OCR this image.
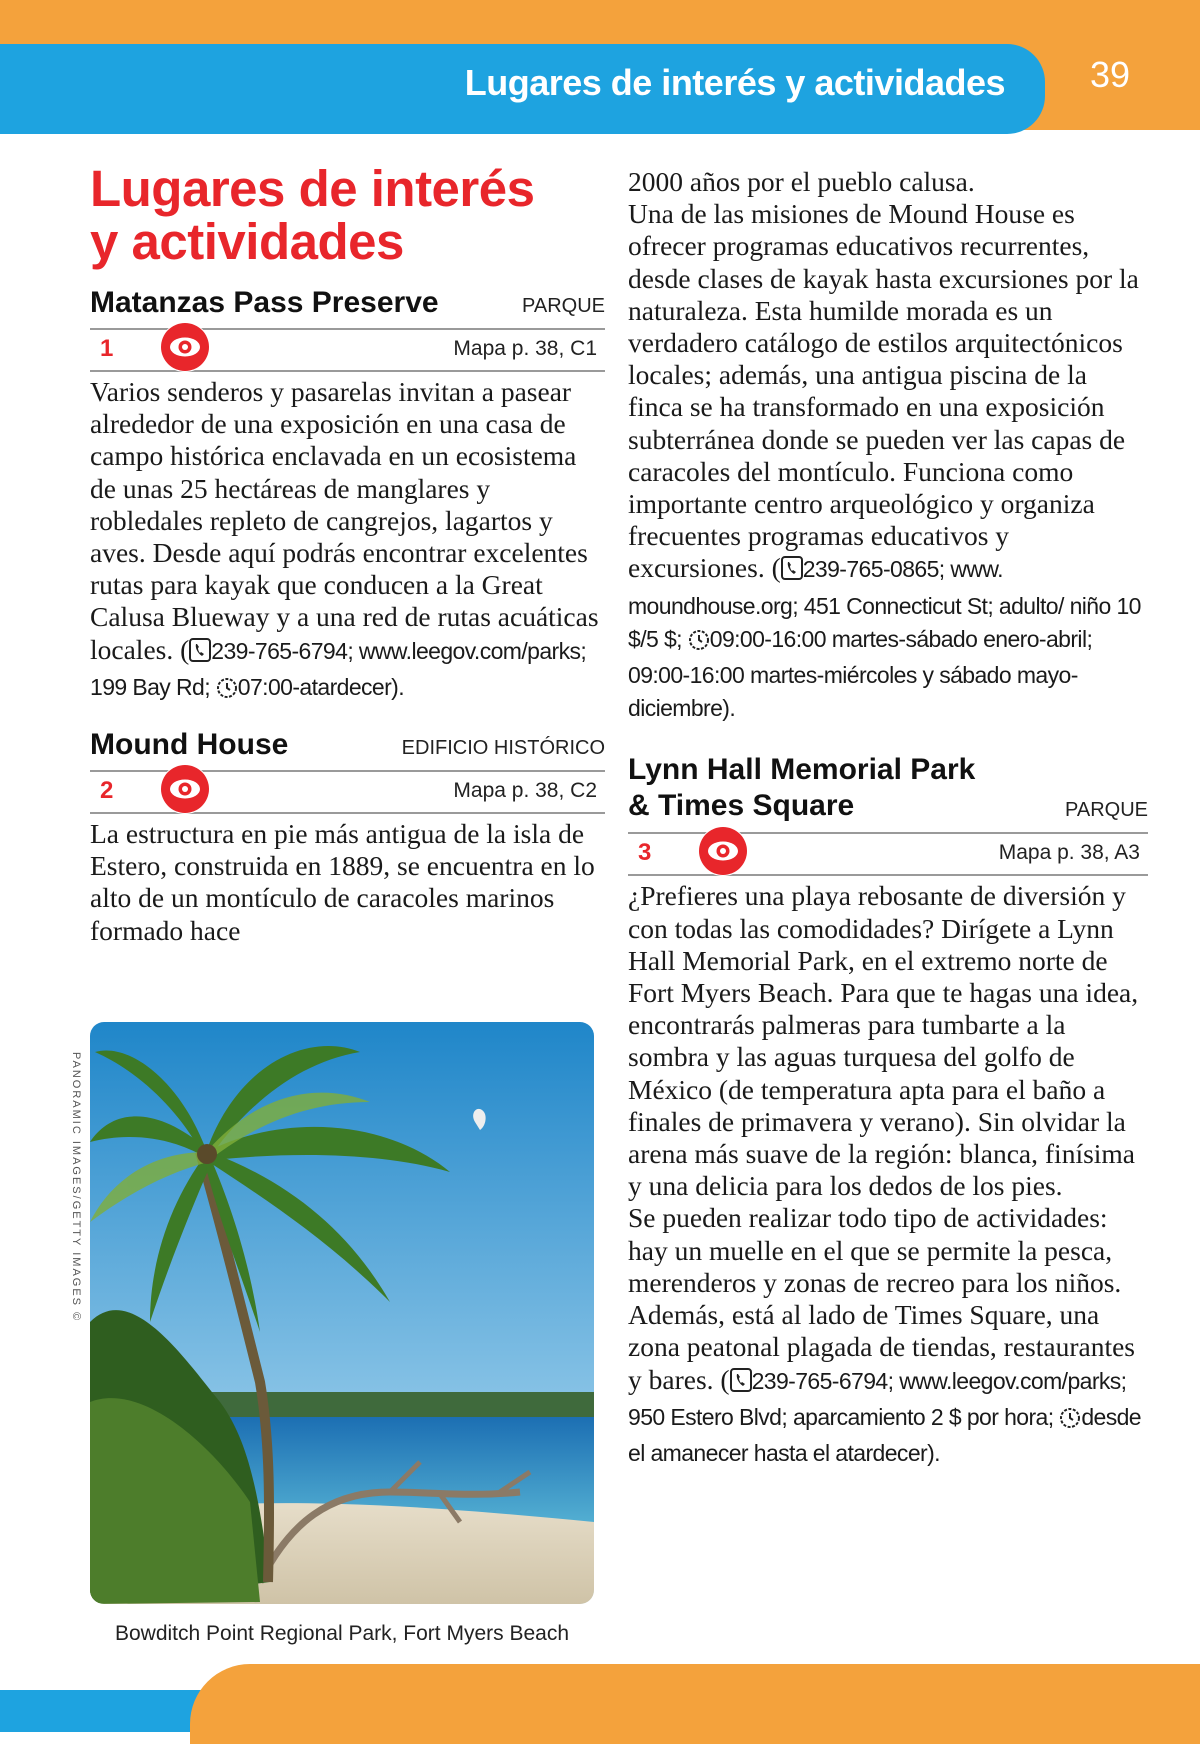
Lugares de interés y actividades 39
Lugares de interés
y actividades
Matanzas Pass Preserve	PARQUE
1	Mapa p. 38, C1

Varios senderos y pasarelas invitan a pasear alrededor de una exposición en una casa de campo histórica enclavada en un ecosistema de unas 25 hectáreas de manglares y robledales repleto de cangrejos, lagartos y aves. Desde aquí podrás encontrar excelentes rutas para kayak que conducen a la Great Calusa Blueway y a una red de rutas acuáticas locales. ( 239-765-6794; www.leegov.com/parks; 199 Bay Rd; 07:00-atardecer).

Mound House	EDIFICIO HISTÓRICO
2	Mapa p. 38, C2

La estructura en pie más antigua de la isla de Estero, construida en 1889, se encuentra en lo alto de un montículo de caracoles marinos formado hace

PANORAMIC IMAGES/GETTY IMAGES ©
Bowditch Point Regional Park, Fort Myers Beach

2000 años por el pueblo calusa.

Una de las misiones de Mound House es ofrecer programas educativos recurrentes, desde clases de kayak hasta excursiones por la naturaleza. Esta humilde morada es un verdadero catálogo de estilos arquitectónicos locales; además, una antigua piscina de la finca se ha transformado en una exposición subterránea donde se pueden ver las capas de caracoles del montículo. Funciona como importante centro arqueológico y organiza frecuentes programas educativos y excursiones. ( 239-765-0865; www. moundhouse.org; 451 Connecticut St; adulto/ niño 10 $/5 $; 09:00-16:00 martes-sábado enero-abril; 09:00-16:00 martes-miércoles y sábado mayo-diciembre).

Lynn Hall Memorial Park
& Times Square	PARQUE
3	Mapa p. 38, A3

¿Prefieres una playa rebosante de diversión y con todas las comodidades? Dirígete a Lynn Hall Memorial Park, en el extremo norte de Fort Myers Beach. Para que te hagas una idea, encontrarás palmeras para tumbarte a la sombra y las aguas turquesa del golfo de México (de temperatura apta para el baño a finales de primavera y verano). Sin olvidar la arena más suave de la región: blanca, finísima y una delicia para los dedos de los pies.

Se pueden realizar todo tipo de actividades: hay un muelle en el que se permite la pesca, merenderos y zonas de recreo para los niños. Además, está al lado de Times Square, una zona peatonal plagada de tiendas, restaurantes y bares. ( 239-765-6794; www.leegov.com/parks; 950 Estero Blvd; aparcamiento 2 $ por hora; desde el amanecer hasta el atardecer).
